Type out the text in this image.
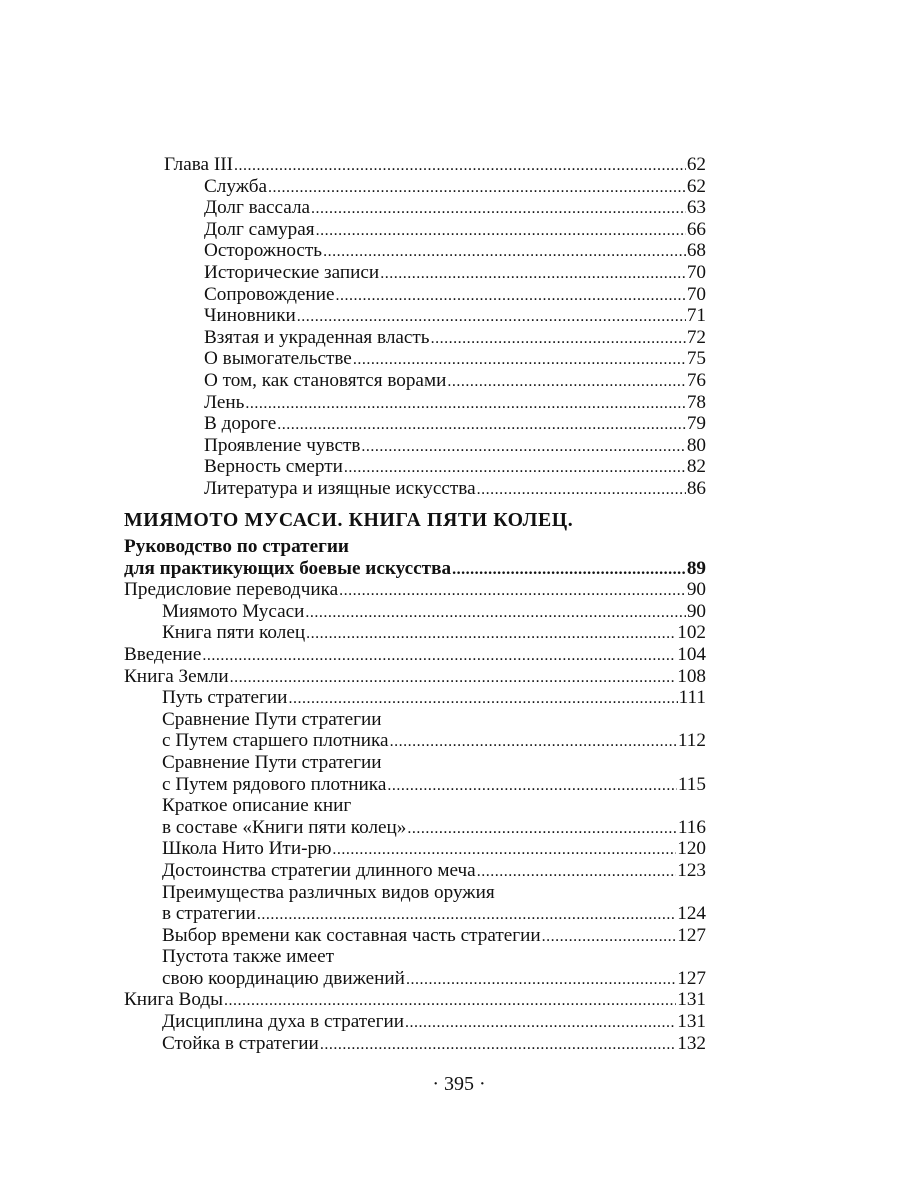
Глава III .....	62
Служба .....	62
Долг вассала .....	63
Долг самурая .....	66
Осторожность .....	68
Исторические записи .....	70
Сопровождение .....	70
Чиновники .....	71
Взятая и украденная власть .....	72
О вымогательстве .....	75
О том, как становятся ворами .....	76
Лень .....	78
В дороге .....	79
Проявление чувств .....	80
Верность смерти .....	82
Литература и изящные искусства .....	86
МИЯМОТО МУСАСИ. КНИГА ПЯТИ КОЛЕЦ.
Руководство по стратегии
для практикующих боевые искусства .....	89
Предисловие переводчика .....	90
Миямото Мусаси .....	90
Книга пяти колец .....	102
Введение .....	104
Книга Земли .....	108
Путь стратегии .....	111
Сравнение Пути стратегии
с Путем старшего плотника .....	112
Сравнение Пути стратегии
с Путем рядового плотника .....	115
Краткое описание книг
в составе «Книги пяти колец» .....	116
Школа Нито Ити-рю .....	120
Достоинства стратегии длинного меча .....	123
Преимущества различных видов оружия
в стратегии .....	124
Выбор времени как составная часть стратегии .....	127
Пустота также имеет
свою координацию движений .....	127
Книга Воды .....	131
Дисциплина духа в стратегии .....	131
Стойка в стратегии .....	132
· 395 ·
